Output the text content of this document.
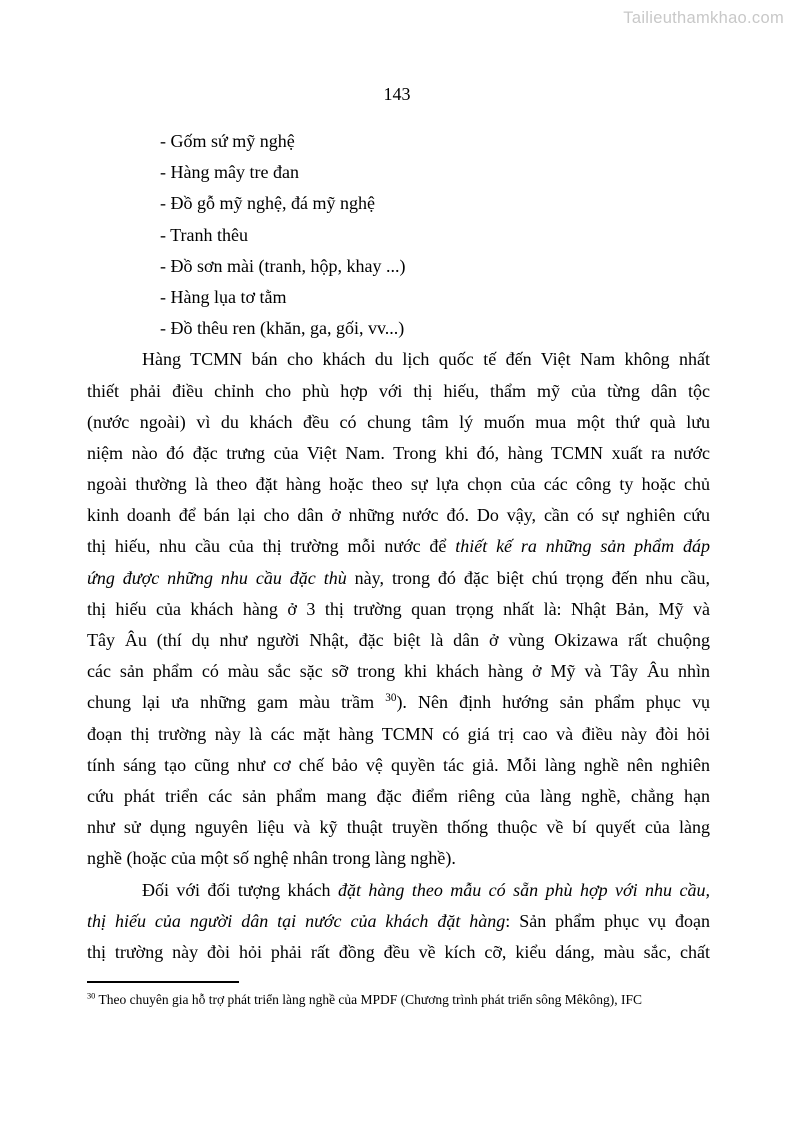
Tailieuthamkhao.com
143
- Gốm sứ mỹ nghệ
- Hàng mây tre đan
- Đồ gỗ mỹ nghệ, đá mỹ nghệ
- Tranh thêu
- Đồ sơn mài (tranh, hộp, khay ...)
- Hàng lụa tơ tằm
- Đồ thêu ren (khăn, ga, gối, vv...)
Hàng TCMN bán cho khách du lịch quốc tế đến Việt Nam không nhất
thiết phải điều chỉnh cho phù hợp với thị hiếu, thẩm mỹ của từng dân tộc
(nước ngoài) vì du khách đều có chung tâm lý muốn mua một thứ quà lưu
niệm nào đó đặc trưng của Việt Nam. Trong khi đó, hàng TCMN xuất ra nước
ngoài thường là theo đặt hàng hoặc theo sự lựa chọn của các công ty hoặc chủ
kinh doanh để bán lại cho dân ở những nước đó. Do vậy, cần có sự nghiên cứu
thị hiếu, nhu cầu của thị trường mỗi nước để thiết kế ra những sản phẩm đáp
ứng được những nhu cầu đặc thù này, trong đó đặc biệt chú trọng đến nhu cầu,
thị hiếu của khách hàng ở 3 thị trường quan trọng nhất là: Nhật Bản, Mỹ và
Tây Âu (thí dụ như người Nhật, đặc biệt là dân ở vùng Okizawa rất chuộng
các sản phẩm có màu sắc sặc sỡ trong khi khách hàng ở Mỹ và Tây Âu nhìn
chung lại ưa những gam màu trầm $^{30}$). Nên định hướng sản phẩm phục vụ
đoạn thị trường này là các mặt hàng TCMN có giá trị cao và điều này đòi hỏi
tính sáng tạo cũng như cơ chế bảo vệ quyền tác giả. Mỗi làng nghề nên nghiên
cứu phát triển các sản phẩm mang đặc điểm riêng của làng nghề, chẳng hạn
như sử dụng nguyên liệu và kỹ thuật truyền thống thuộc về bí quyết của làng
nghề (hoặc của một số nghệ nhân trong làng nghề).
Đối với đối tượng khách đặt hàng theo mẫu có sẵn phù hợp với nhu cầu,
thị hiếu của người dân tại nước của khách đặt hàng: Sản phẩm phục vụ đoạn
thị trường này đòi hỏi phải rất đồng đều về kích cỡ, kiểu dáng, màu sắc, chất
$^{30}$ Theo chuyên gia hỗ trợ phát triển làng nghề của MPDF (Chương trình phát triển sông Mêkông), IFC
